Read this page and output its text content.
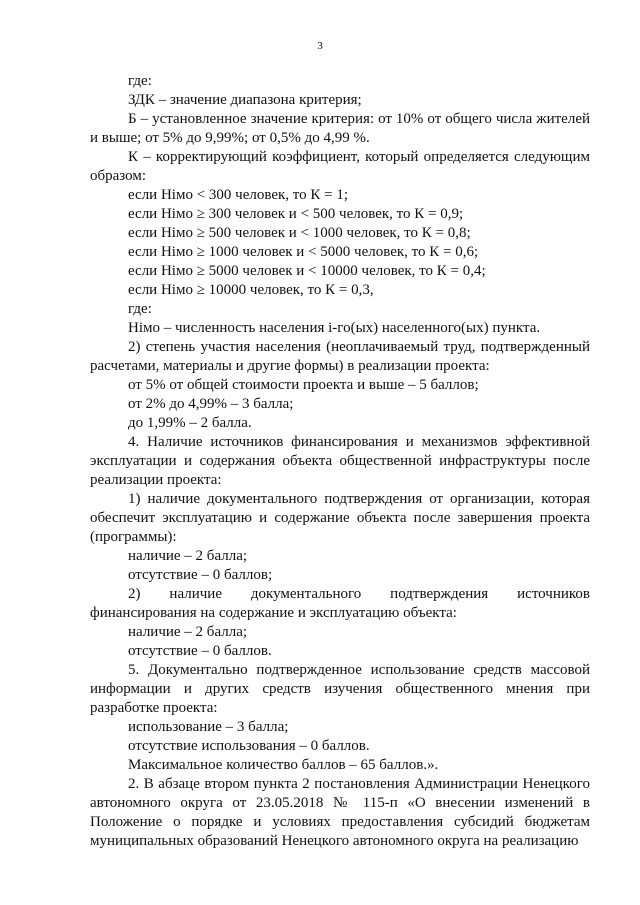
3

где:

ЗДК – значение диапазона критерия;

Б – установленное значение критерия: от 10% от общего числа жителей и выше; от 5% до 9,99%; от 0,5% до 4,99 %.

К – корректирующий коэффициент, который определяется следующим образом:

если Німо < 300 человек, то К = 1;

если Німо ≥ 300 человек и < 500 человек, то К = 0,9;

если Німо ≥ 500 человек и < 1000 человек, то К = 0,8;

если Німо ≥ 1000 человек и < 5000 человек, то К = 0,6;

если Німо ≥ 5000 человек и < 10000 человек, то К = 0,4;

если Німо ≥ 10000 человек, то К = 0,3,

где:

Німо – численность населения i-го(ых) населенного(ых) пункта.

2) степень участия населения (неоплачиваемый труд, подтвержденный расчетами, материалы и другие формы) в реализации проекта:

от 5% от общей стоимости проекта и выше – 5 баллов;

от 2% до 4,99% – 3 балла;

до 1,99% – 2 балла.

4. Наличие источников финансирования и механизмов эффективной эксплуатации и содержания объекта общественной инфраструктуры после реализации проекта:

1) наличие документального подтверждения от организации, которая обеспечит эксплуатацию и содержание объекта после завершения проекта (программы):

наличие – 2 балла;

отсутствие – 0 баллов;

2) наличие документального подтверждения источников финансирования на содержание и эксплуатацию объекта:

наличие – 2 балла;

отсутствие – 0 баллов.

5. Документально подтвержденное использование средств массовой информации и других средств изучения общественного мнения при разработке проекта:

использование – 3 балла;

отсутствие использования – 0 баллов.

Максимальное количество баллов – 65 баллов.».

2. В абзаце втором пункта 2 постановления Администрации Ненецкого автономного округа от 23.05.2018 № 115-п «О внесении изменений в Положение о порядке и условиях предоставления субсидий бюджетам муниципальных образований Ненецкого автономного округа на реализацию
